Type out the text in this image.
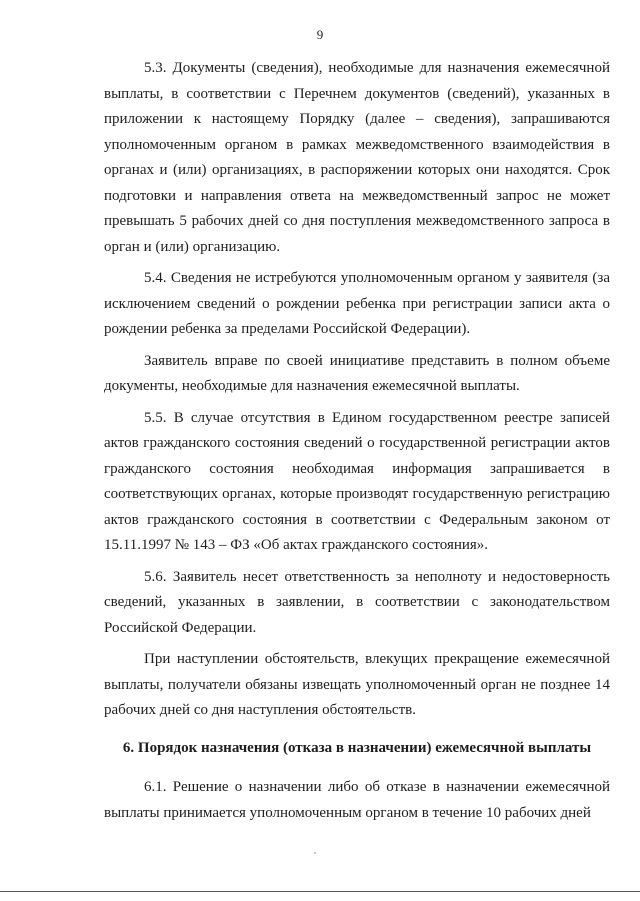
9

5.3. Документы (сведения), необходимые для назначения ежемесячной выплаты, в соответствии с Перечнем документов (сведений), указанных в приложении к настоящему Порядку (далее – сведения), запрашиваются уполномоченным органом в рамках межведомственного взаимодействия в органах и (или) организациях, в распоряжении которых они находятся. Срок подготовки и направления ответа на межведомственный запрос не может превышать 5 рабочих дней со дня поступления межведомственного запроса в орган и (или) организацию.

5.4. Сведения не истребуются уполномоченным органом у заявителя (за исключением сведений о рождении ребенка при регистрации записи акта о рождении ребенка за пределами Российской Федерации).

Заявитель вправе по своей инициативе представить в полном объеме документы, необходимые для назначения ежемесячной выплаты.

5.5. В случае отсутствия в Едином государственном реестре записей актов гражданского состояния сведений о государственной регистрации актов гражданского состояния необходимая информация запрашивается в соответствующих органах, которые производят государственную регистрацию актов гражданского состояния в соответствии с Федеральным законом от 15.11.1997 № 143 – ФЗ «Об актах гражданского состояния».

5.6. Заявитель несет ответственность за неполноту и недостоверность сведений, указанных в заявлении, в соответствии с законодательством Российской Федерации.

При наступлении обстоятельств, влекущих прекращение ежемесячной выплаты, получатели обязаны извещать уполномоченный орган не позднее 14 рабочих дней со дня наступления обстоятельств.

6. Порядок назначения (отказа в назначении) ежемесячной выплаты

6.1. Решение о назначении либо об отказе в назначении ежемесячной выплаты принимается уполномоченным органом в течение 10 рабочих дней
